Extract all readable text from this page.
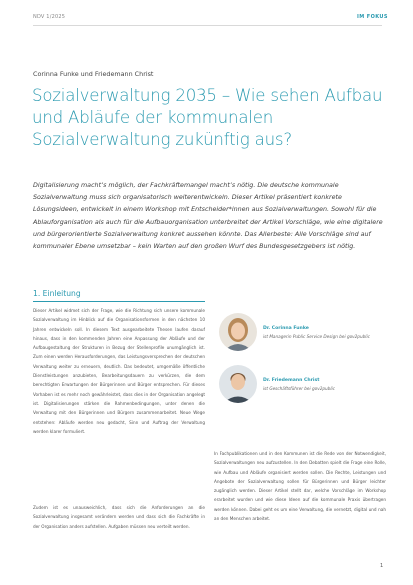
NDV 1/2025	IM FOKUS
Corinna Funke und Friedemann Christ
Sozialverwaltung 2035 – Wie sehen Aufbau und Abläufe der kommunalen Sozialverwaltung zukünftig aus?
Digitalisierung macht’s möglich, der Fachkräftemangel macht’s nötig. Die deutsche kommunale Sozialverwaltung muss sich organisatorisch weiterentwickeln. Dieser Artikel präsentiert konkrete Lösungsideen, entwickelt in einem Workshop mit Entscheider*innen aus Sozialverwaltungen. Sowohl für die Ablauforganisation als auch für die Aufbauorganisation unterbreitet der Artikel Vorschläge, wie eine digitalere und bürgerorientierte Sozialverwaltung konkret aussehen könnte. Das Allerbeste: Alle Vorschläge sind auf kommunaler Ebene umsetzbar – kein Warten auf den großen Wurf des Bundesgesetzgebers ist nötig.
1. Einleitung
Dieser Artikel widmet sich der Frage, wie die Richtung sich unsere kommunale Sozialverwaltung im Hinblick auf die Organisationsformen in den nächsten 10 Jahren entwickeln soll. In diesem Text ausgearbeitete Thesen laufen darauf hinaus, dass in den kommenden Jahren eine Anpassung der Abläufe und der Aufbaugestaltung der Strukturen in Bezug der Stellenprofile unumgänglich ist. Zum einen werden Herausforderungen, das Leistungsversprechen der deutschen Verwaltung weiter zu erneuern, deutlich. Das bedeutet, umgemäße öffentliche Dienstleistungen anzubieten, Bearbeitungsdauern zu verkürzen, die dem berechtigten Erwartungen der Bürgerinnen und Bürger entsprechen. Für dieses Vorhaben ist es mehr noch gewährleistet, dass dies in der Organisation angelegt ist. Digitalisierungen stärken die Rahmenbedingungen, unter denen die Verwaltung mit den Bürgerinnen und Bürgern zusammenarbeitet. Neue Wege entstehen: Abläufe werden neu gedacht, Sinn und Auftrag der Verwaltung werden klarer formuliert.
Zudem ist es unausweichlich, dass sich die Anforderungen an die Sozialverwaltung insgesamt verändern werden und dass sich die Fachkräfte in der Organisation anders aufstellen. Aufgaben müssen neu verteilt werden.
Dr. Corinna Funke
ist Managerin Public Service Design bei gov2public
Dr. Friedemann Christ
ist Geschäftsführer bei gov2public
In Fachpublikationen und in den Kommunen ist die Rede von der Notwendigkeit, Sozialverwaltungen neu aufzustellen. In den Debatten spielt die Frage eine Rolle, wie Aufbau und Abläufe organisiert werden sollen. Die Rechte, Leistungen und Angebote der Sozialverwaltung sollen für Bürgerinnen und Bürger leichter zugänglich werden. Dieser Artikel stellt dar, welche Vorschläge im Workshop erarbeitet wurden und wie diese Ideen auf die kommunale Praxis übertragen werden können. Dabei geht es um eine Verwaltung, die vernetzt, digital und nah an den Menschen arbeitet.
1
